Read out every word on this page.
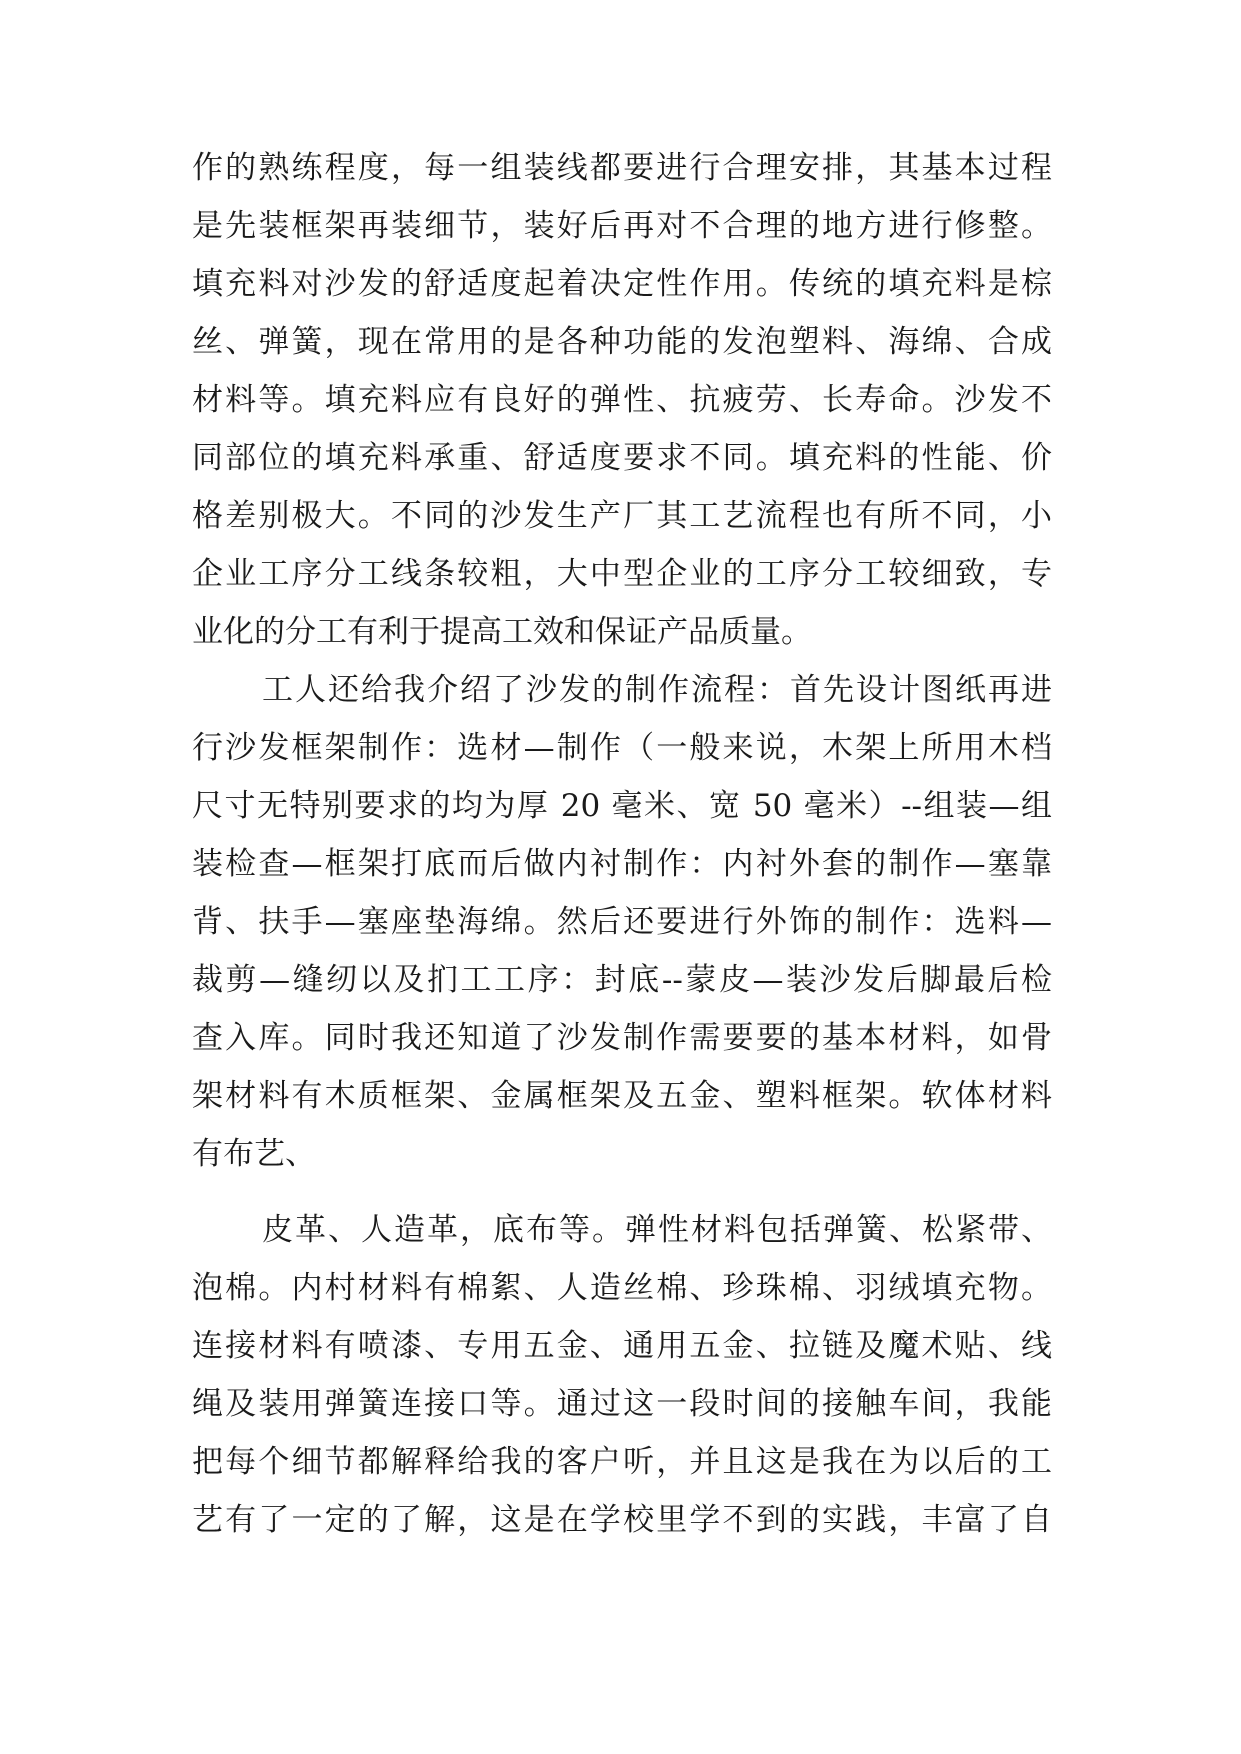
作的熟练程度，每一组装线都要进行合理安排，其基本过程
是先装框架再装细节，装好后再对不合理的地方进行修整。
填充料对沙发的舒适度起着决定性作用。传统的填充料是棕
丝、弹簧，现在常用的是各种功能的发泡塑料、海绵、合成
材料等。填充料应有良好的弹性、抗疲劳、长寿命。沙发不
同部位的填充料承重、舒适度要求不同。填充料的性能、价
格差别极大。不同的沙发生产厂其工艺流程也有所不同，小
企业工序分工线条较粗，大中型企业的工序分工较细致，专
业化的分工有利于提高工效和保证产品质量。
工人还给我介绍了沙发的制作流程：首先设计图纸再进
行沙发框架制作：选材—制作（一般来说，木架上所用木档
尺寸无特别要求的均为厚 20 毫米、宽 50 毫米）--组装—组
装检查—框架打底而后做内衬制作：内衬外套的制作—塞靠
背、扶手—塞座垫海绵。然后还要进行外饰的制作：选料—
裁剪—缝纫以及扪工工序：封底--蒙皮—装沙发后脚最后检
查入库。同时我还知道了沙发制作需要要的基本材料，如骨
架材料有木质框架、金属框架及五金、塑料框架。软体材料
有布艺、
皮革、人造革，底布等。弹性材料包括弹簧、松紧带、
泡棉。内村材料有棉絮、人造丝棉、珍珠棉、羽绒填充物。
连接材料有喷漆、专用五金、通用五金、拉链及魔术贴、线
绳及装用弹簧连接口等。通过这一段时间的接触车间，我能
把每个细节都解释给我的客户听，并且这是我在为以后的工
艺有了一定的了解，这是在学校里学不到的实践，丰富了自
